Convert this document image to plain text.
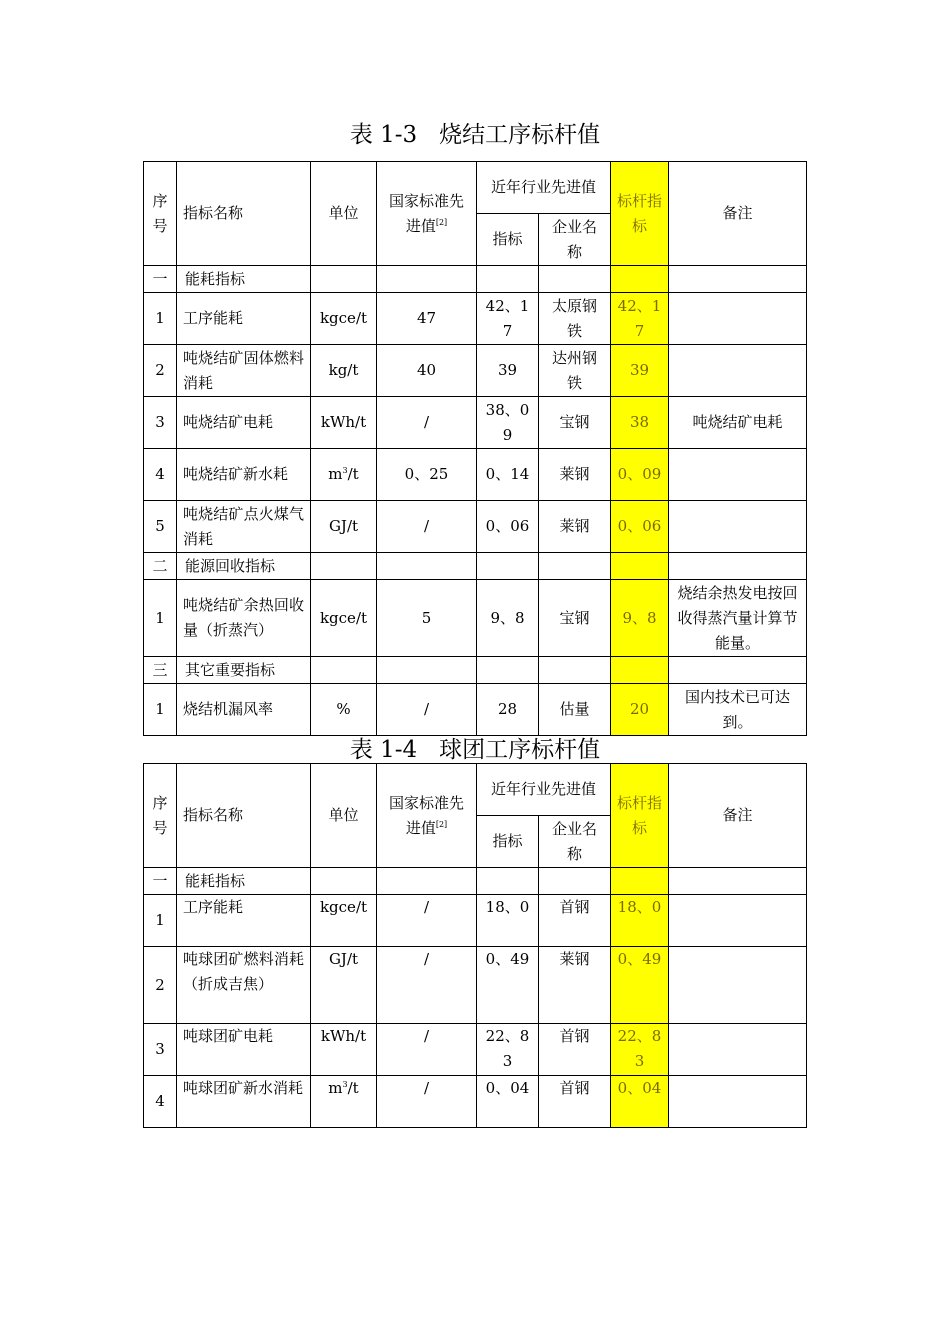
表 1-3   烧结工序标杆值
序号	指标名称	单位	国家标准先进值[2]	近年行业先进值		标杆指标	备注
				指标	企业名称		
一	能耗指标						
1	工序能耗	kgce/t	47	42、17	太原钢铁	42、17	
2	吨烧结矿固体燃料消耗	kg/t	40	39	达州钢铁	39	
3	吨烧结矿电耗	kWh/t	/	38、09	宝钢	38	吨烧结矿电耗
4	吨烧结矿新水耗	$m^3/t$	0、25	0、14	莱钢	0、09	
5	吨烧结矿点火煤气消耗	GJ/t	/	0、06	莱钢	0、06	
二	能源回收指标						
1	吨烧结矿余热回收量（折蒸汽）	kgce/t	5	9、8	宝钢	9、8	烧结余热发电按回收得蒸汽量计算节能量。
三	其它重要指标						
1	烧结机漏风率	%	/	28	估量	20	国内技术已可达到。
表 1-4   球团工序标杆值
序号	指标名称	单位	国家标准先进值[2]	近年行业先进值		标杆指标	备注
				指标	企业名称		
一	能耗指标						
1	工序能耗	kgce/t	/	18、0	首钢	18、0	
2	吨球团矿燃料消耗（折成吉焦）	GJ/t	/	0、49	莱钢	0、49	
3	吨球团矿电耗	kWh/t	/	22、83	首钢	22、83	
4	吨球团矿新水消耗	$m^3/t$	/	0、04	首钢	0、04	
